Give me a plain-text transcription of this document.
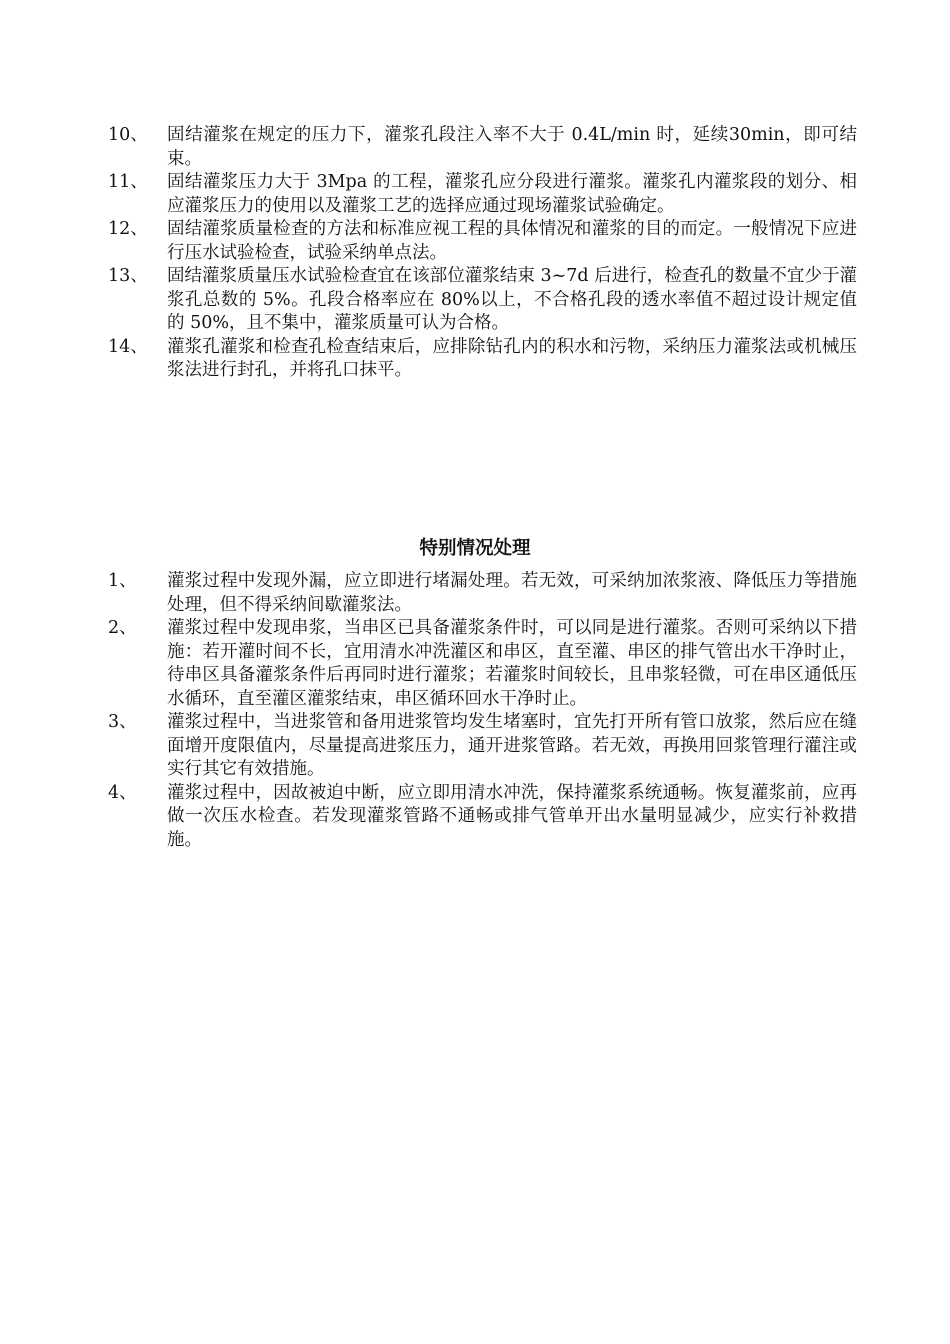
10、	固结灌浆在规定的压力下，灌浆孔段注入率不大于 0.4L/min 时，延续30min，即可结束。
11、	固结灌浆压力大于 3Mpa 的工程，灌浆孔应分段进行灌浆。灌浆孔内灌浆段的划分、相应灌浆压力的使用以及灌浆工艺的选择应通过现场灌浆试验确定。
12、	固结灌浆质量检查的方法和标准应视工程的具体情况和灌浆的目的而定。一般情况下应进行压水试验检查，试验采纳单点法。
13、	固结灌浆质量压水试验检查宜在该部位灌浆结束 3~7d 后进行，检查孔的数量不宜少于灌浆孔总数的 5%。孔段合格率应在 80%以上，不合格孔段的透水率值不超过设计规定值的 50%，且不集中，灌浆质量可认为合格。
14、	灌浆孔灌浆和检查孔检查结束后，应排除钻孔内的积水和污物，采纳压力灌浆法或机械压浆法进行封孔，并将孔口抹平。
特别情况处理
1、	灌浆过程中发现外漏，应立即进行堵漏处理。若无效，可采纳加浓浆液、降低压力等措施处理，但不得采纳间歇灌浆法。
2、	灌浆过程中发现串浆，当串区已具备灌浆条件时，可以同是进行灌浆。否则可采纳以下措施：若开灌时间不长，宜用清水冲洗灌区和串区，直至灌、串区的排气管出水干净时止，待串区具备灌浆条件后再同时进行灌浆；若灌浆时间较长，且串浆轻微，可在串区通低压水循环，直至灌区灌浆结束，串区循环回水干净时止。
3、	灌浆过程中，当进浆管和备用进浆管均发生堵塞时，宜先打开所有管口放浆，然后应在缝面增开度限值内，尽量提高进浆压力，通开进浆管路。若无效，再换用回浆管理行灌注或实行其它有效措施。
4、	灌浆过程中，因故被迫中断，应立即用清水冲洗，保持灌浆系统通畅。恢复灌浆前，应再做一次压水检查。若发现灌浆管路不通畅或排气管单开出水量明显减少，应实行补救措施。
